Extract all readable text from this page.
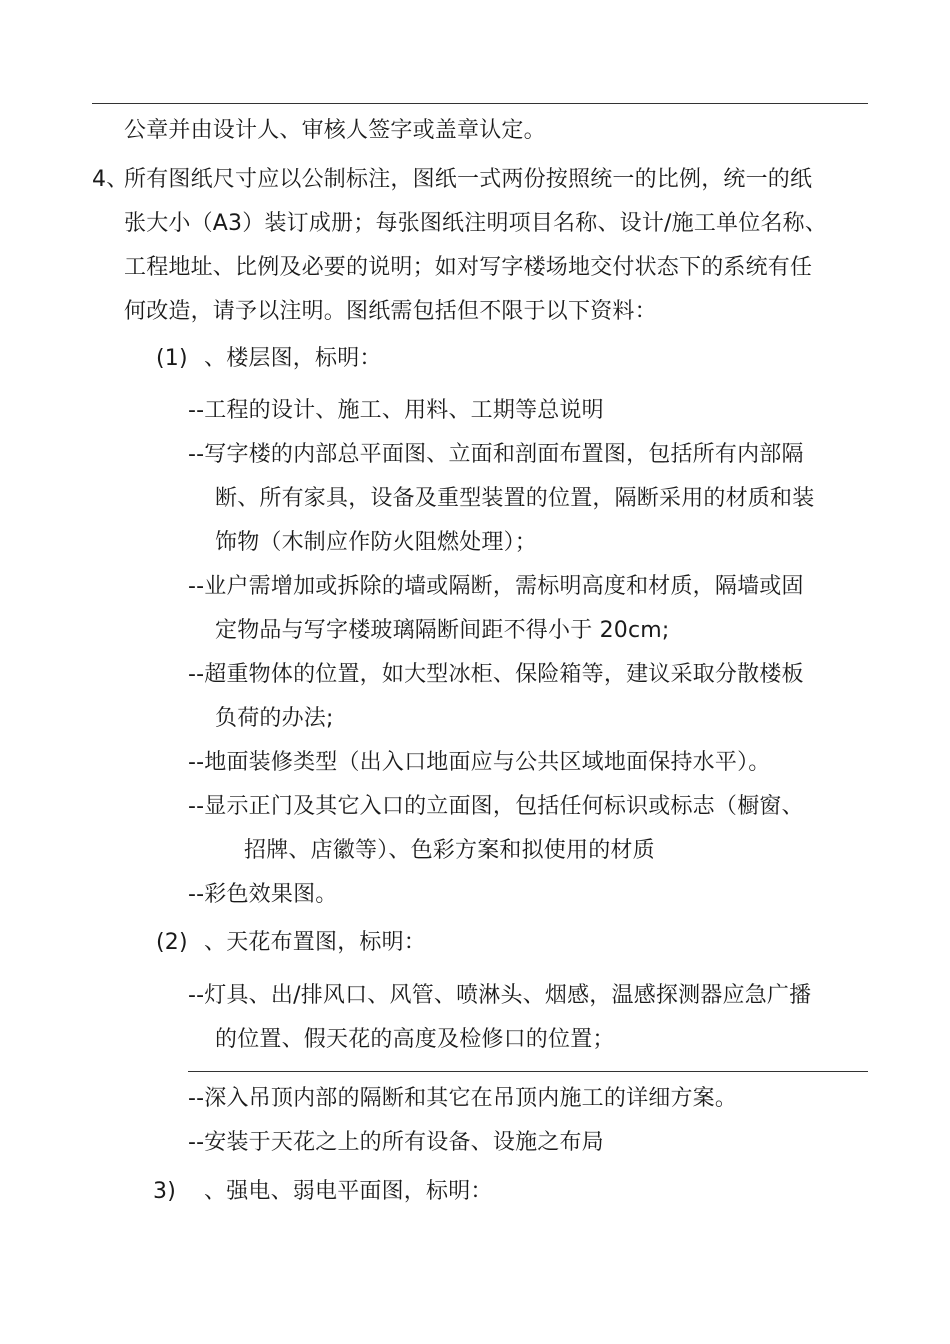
公章并由设计人、审核人签字或盖章认定。
4、
所有图纸尺寸应以公制标注，图纸一式两份按照统一的比例，统一的纸
张大小（A3）装订成册；每张图纸注明项目名称、设计/施工单位名称、
工程地址、比例及必要的说明；如对写字楼场地交付状态下的系统有任
何改造，请予以注明。图纸需包括但不限于以下资料：
(1) 、楼层图，标明：
--工程的设计、施工、用料、工期等总说明
--写字楼的内部总平面图、立面和剖面布置图，包括所有内部隔
断、所有家具，设备及重型装置的位置，隔断采用的材质和装
饰物（木制应作防火阻燃处理）；
--业户需增加或拆除的墙或隔断，需标明高度和材质，隔墙或固
定物品与写字楼玻璃隔断间距不得小于 20cm;
--超重物体的位置，如大型冰柜、保险箱等，建议采取分散楼板
负荷的办法;
--地面装修类型（出入口地面应与公共区域地面保持水平）。
--显示正门及其它入口的立面图，包括任何标识或标志（橱窗、
招牌、店徽等）、色彩方案和拟使用的材质
--彩色效果图。
(2) 、天花布置图，标明：
--灯具、出/排风口、风管、喷淋头、烟感，温感探测器应急广播
的位置、假天花的高度及检修口的位置；
--深入吊顶内部的隔断和其它在吊顶内施工的详细方案。
--安装于天花之上的所有设备、设施之布局
3) 、强电、弱电平面图，标明：
